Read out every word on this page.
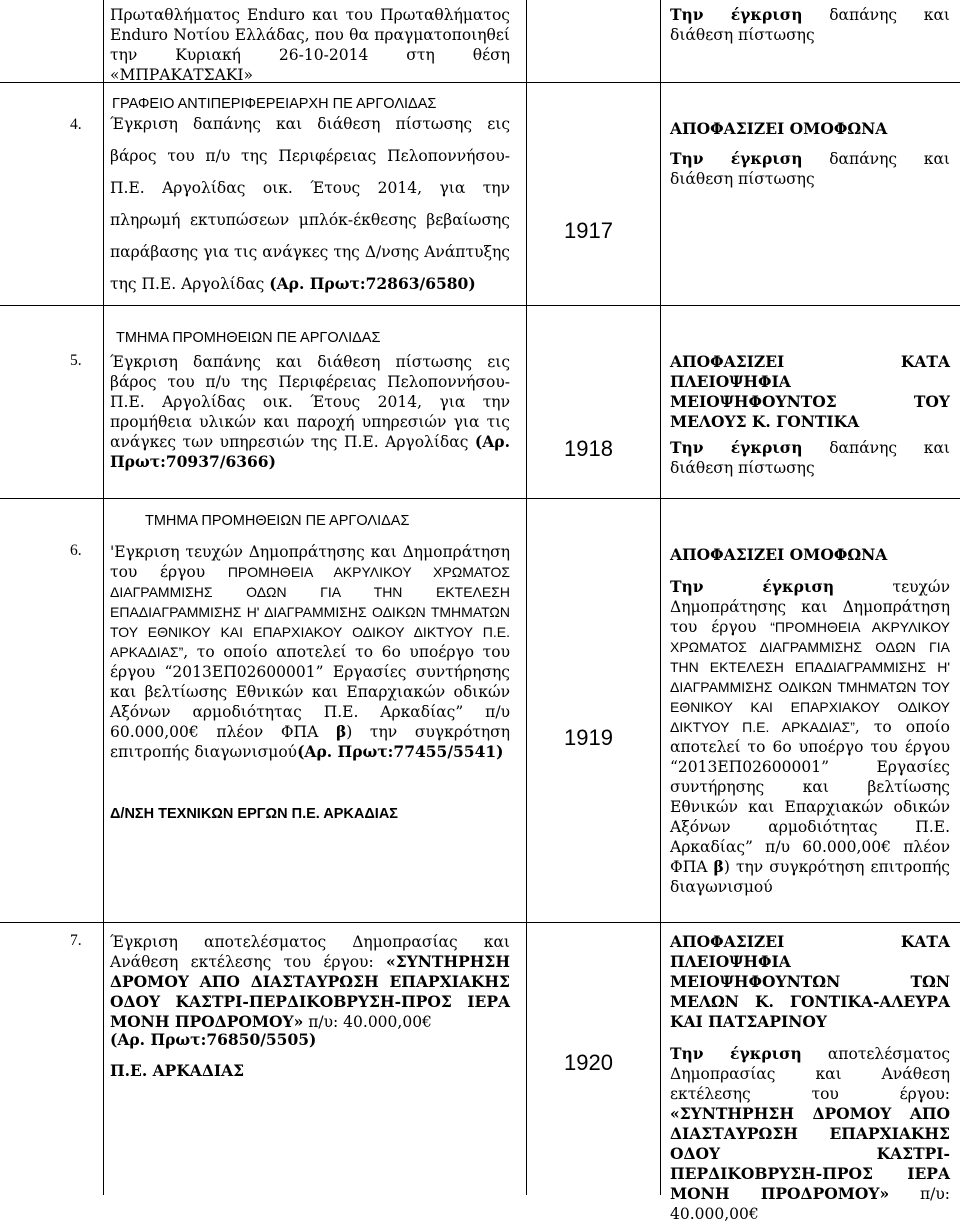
Πρωταθλήματος Enduro και του Πρωταθλήματος Enduro Νοτίου Ελλάδας, που θα πραγματοποιηθεί την Κυριακή 26-10-2014 στη θέση «ΜΠΡΑΚΑΤΣΑΚΙ»
Την έγκριση δαπάνης και διάθεση πίστωσης
ΓΡΑΦΕΙΟ ΑΝΤΙΠΕΡΙΦΕΡΕΙΑΡΧΗ ΠΕ ΑΡΓΟΛΙΔΑΣ
4. Έγκριση δαπάνης και διάθεση πίστωσης εις βάρος του π/υ της Περιφέρειας Πελοποννήσου-Π.Ε. Αργολίδας οικ. Έτους 2014, για την πληρωμή εκτυπώσεων μπλόκ-έκθεσης βεβαίωσης παράβασης για τις ανάγκες της Δ/νσης Ανάπτυξης της Π.Ε. Αργολίδας (Αρ. Πρωτ:72863/6580)
1917

ΑΠΟΦΑΣΙΖΕΙ ΟΜΟΦΩΝΑ

Την έγκριση δαπάνης και διάθεση πίστωσης

ΤΜΗΜΑ ΠΡΟΜΗΘΕΙΩΝ ΠΕ ΑΡΓΟΛΙΔΑΣ
5. Έγκριση δαπάνης και διάθεση πίστωσης εις βάρος του π/υ της Περιφέρειας Πελοποννήσου-Π.Ε. Αργολίδας οικ. Έτους 2014, για την προμήθεια υλικών και παροχή υπηρεσιών για τις ανάγκες των υπηρεσιών της Π.Ε. Αργολίδας (Αρ. Πρωτ:70937/6366)
1918

ΑΠΟΦΑΣΙΖΕΙ ΚΑΤΑ ΠΛΕΙΟΨΗΦΙΑ ΜΕΙΟΨΗΦΟΥΝΤΟΣ ΤΟΥ ΜΕΛΟΥΣ Κ. ΓΟΝΤΙΚΑ

Την έγκριση δαπάνης και διάθεση πίστωσης

ΤΜΗΜΑ ΠΡΟΜΗΘΕΙΩΝ ΠΕ ΑΡΓΟΛΙΔΑΣ
6. 'Εγκριση τευχών Δημοπράτησης και Δημοπράτηση του έργου ΠΡΟΜΗΘΕΙΑ ΑΚΡΥΛΙΚΟΥ ΧΡΩΜΑΤΟΣ ΔΙΑΓΡΑΜΜΙΣΗΣ ΟΔΩΝ ΓΙΑ ΤΗΝ ΕΚΤΕΛΕΣΗ ΕΠΑΔΙΑΓΡΑΜΜΙΣΗΣ Η' ΔΙΑΓΡΑΜΜΙΣΗΣ ΟΔΙΚΩΝ ΤΜΗΜΑΤΩΝ ΤΟΥ ΕΘΝΙΚΟΥ ΚΑΙ ΕΠΑΡΧΙΑΚΟΥ ΟΔΙΚΟΥ ΔΙΚΤΥΟΥ Π.Ε. ΑΡΚΑΔΙΑΣ”, το οποίο αποτελεί το 6ο υποέργο του έργου “2013ΕΠ02600001” Εργασίες συντήρησης και βελτίωσης Εθνικών και Επαρχιακών οδικών Αξόνων αρμοδιότητας Π.Ε. Αρκαδίας” π/υ 60.000,00€ πλέον ΦΠΑ β) την συγκρότηση επιτροπής διαγωνισμού(Αρ. Πρωτ:77455/5541)
Δ/ΝΣΗ ΤΕΧΝΙΚΩΝ ΕΡΓΩΝ Π.Ε. ΑΡΚΑΔΙΑΣ
1919

ΑΠΟΦΑΣΙΖΕΙ ΟΜΟΦΩΝΑ

Την έγκριση τευχών Δημοπράτησης και Δημοπράτηση του έργου “ΠΡΟΜΗΘΕΙΑ ΑΚΡΥΛΙΚΟΥ ΧΡΩΜΑΤΟΣ ΔΙΑΓΡΑΜΜΙΣΗΣ ΟΔΩΝ ΓΙΑ ΤΗΝ ΕΚΤΕΛΕΣΗ ΕΠΑΔΙΑΓΡΑΜΜΙΣΗΣ Η' ΔΙΑΓΡΑΜΜΙΣΗΣ ΟΔΙΚΩΝ ΤΜΗΜΑΤΩΝ ΤΟΥ ΕΘΝΙΚΟΥ ΚΑΙ ΕΠΑΡΧΙΑΚΟΥ ΟΔΙΚΟΥ ΔΙΚΤΥΟΥ Π.Ε. ΑΡΚΑΔΙΑΣ”, το οποίο αποτελεί το 6ο υποέργο του έργου “2013ΕΠ02600001” Εργασίες συντήρησης και βελτίωσης Εθνικών και Επαρχιακών οδικών Αξόνων αρμοδιότητας Π.Ε. Αρκαδίας” π/υ 60.000,00€ πλέον ΦΠΑ β) την συγκρότηση επιτροπής διαγωνισμού

7. Έγκριση αποτελέσματος Δημοπρασίας και Ανάθεση εκτέλεσης του έργου: «ΣΥΝΤΗΡΗΣΗ ΔΡΟΜΟΥ ΑΠΟ ΔΙΑΣΤΑΥΡΩΣΗ ΕΠΑΡΧΙΑΚΗΣ ΟΔΟΥ ΚΑΣΤΡΙ-ΠΕΡΔΙΚΟΒΡΥΣΗ-ΠΡΟΣ ΙΕΡΑ ΜΟΝΗ ΠΡΟΔΡΟΜΟΥ» π/υ: 40.000,00€
(Αρ. Πρωτ:76850/5505)
Π.Ε. ΑΡΚΑΔΙΑΣ	1920

ΑΠΟΦΑΣΙΖΕΙ ΚΑΤΑ ΠΛΕΙΟΨΗΦΙΑ ΜΕΙΟΨΗΦΟΥΝΤΩΝ ΤΩΝ ΜΕΛΩΝ Κ. ΓΟΝΤΙΚΑ-ΑΛΕΥΡΑ ΚΑΙ ΠΑΤΣΑΡΙΝΟΥ

Την έγκριση αποτελέσματος Δημοπρασίας και Ανάθεση εκτέλεσης του έργου: «ΣΥΝΤΗΡΗΣΗ ΔΡΟΜΟΥ ΑΠΟ ΔΙΑΣΤΑΥΡΩΣΗ ΕΠΑΡΧΙΑΚΗΣ ΟΔΟΥ ΚΑΣΤΡΙ-ΠΕΡΔΙΚΟΒΡΥΣΗ-ΠΡΟΣ ΙΕΡΑ ΜΟΝΗ ΠΡΟΔΡΟΜΟΥ» π/υ: 40.000,00€
